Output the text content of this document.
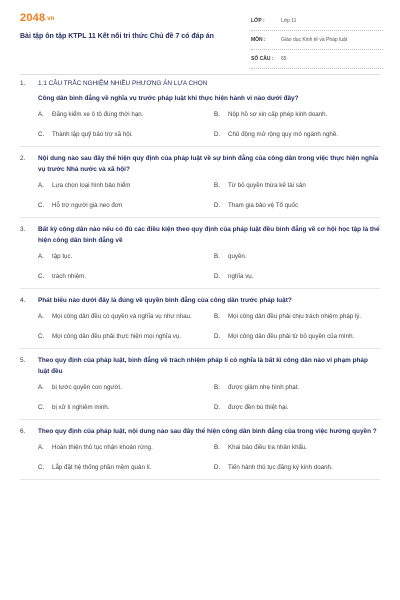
2048.vn
Bài tập ôn tập KTPL 11 Kết nối tri thức Chủ đề 7 có đáp án
LỚP :	Lớp 11
MÔN :	Giáo dục Kinh tế và Pháp luật
SỐ CÂU :	65
1.	1.1 CÂU TRẮC NGHIỆM NHIỀU PHƯƠNG ÁN LỰA CHỌN
Công dân bình đẳng về nghĩa vụ trước pháp luật khi thực hiện hành vi nào dưới đây?
A.	Đăng kiểm xe ô tô đúng thời hạn.	B.	Nộp hồ sơ xin cấp phép kinh doanh.
C.	Thành lập quỹ bảo trợ xã hội.	D.	Chủ động mở rộng quy mô ngành nghề.
2.	Nội dung nào sau đây thể hiện quy định của pháp luật về sự bình đẳng của công dân trong việc thực hiện nghĩa vụ trước Nhà nước và xã hội?
A.	Lựa chọn loại hình bảo hiểm	B.	Từ bỏ quyền thừa kế tài sản
C.	Hỗ trợ người già neo đơn	D.	Tham gia bảo vệ Tổ quốc
3.	Bất kỳ công dân nào nếu có đủ các điều kiện theo quy định của pháp luật đều bình đẳng về cơ hội học tập là thể hiện công dân bình đẳng về
A.	tập tục.	B.	quyền.
C.	trách nhiệm.	D.	nghĩa vụ.
4.	Phát biểu nào dưới đây là đúng về quyền bình đẳng của công dân trước pháp luật?
A.	Mọi công dân đều có quyền và nghĩa vụ như nhau.	B.	Mọi công dân đều phải chịu trách nhiệm pháp lý.
C.	Mọi công dân đều phải thực hiện mọi nghĩa vụ.	D.	Mọi công dân đều phải từ bỏ quyền của mình.
5.	Theo quy định của pháp luật, bình đẳng về trách nhiệm pháp lí có nghĩa là bất kì công dân nào vi phạm pháp luật đều
A.	bị tước quyền con người.	B.	được giảm nhẹ hình phạt.
C.	bị xử lí nghiêm minh.	D.	được đền bù thiệt hại.
6.	Theo quy định của pháp luật, nội dung nào sau đây thể hiện công dân bình đẳng của trong việc hưởng quyền ?
A.	Hoàn thiện thủ tục nhận khoán rừng.	B.	Khai báo điều tra nhân khẩu.
C.	Lắp đặt hệ thống phần mềm quản lí.	D.	Tiến hành thủ tục đăng ký kinh doanh.
